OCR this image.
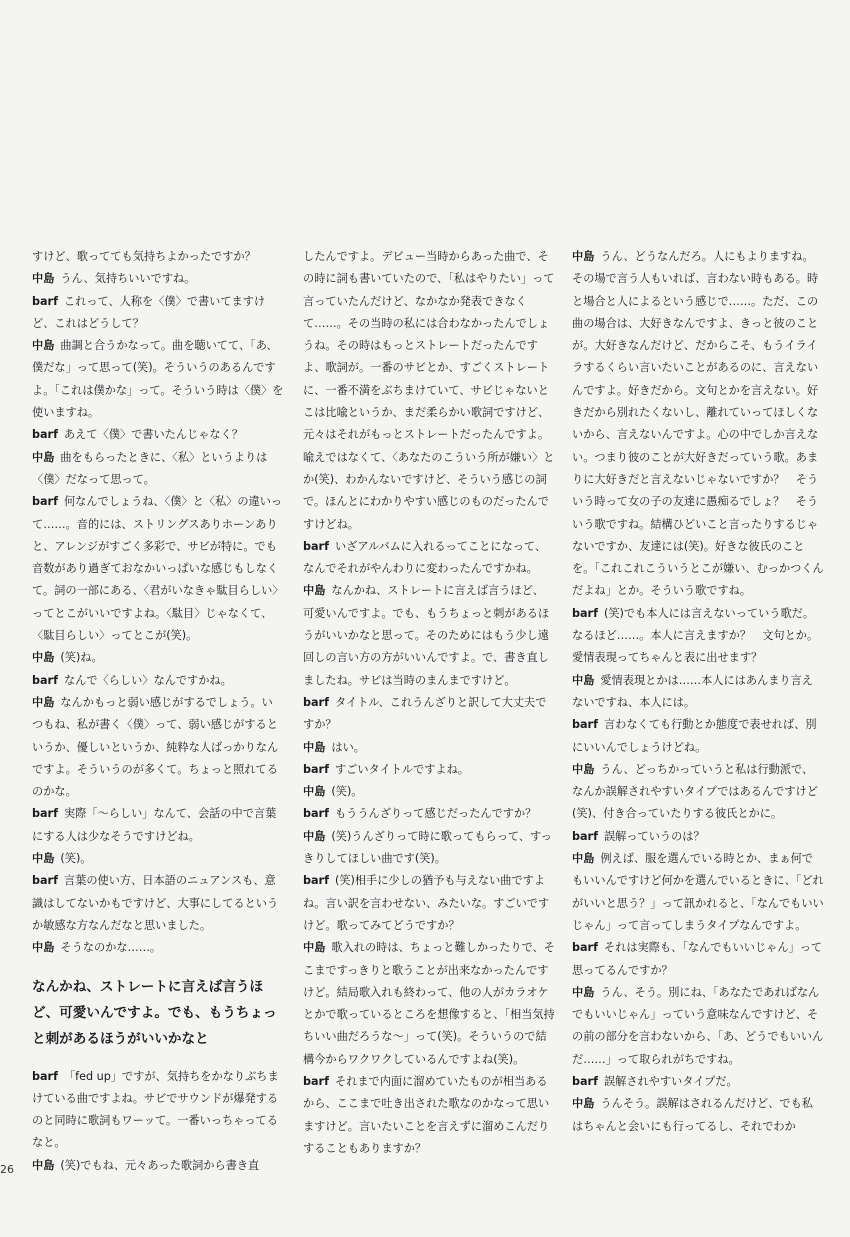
すけど、歌ってても気持ちよかったですか？
中島 うん、気持ちいいですね。
barf これって、人称を〈僕〉で書いてますけど、これはどうして？
中島 曲調と合うかなって。曲を聴いてて、「あ、僕だな」って思って(笑)。そういうのあるんですよ。「これは僕かな」って。そういう時は〈僕〉を使いますね。
barf あえて〈僕〉で書いたんじゃなく？
中島 曲をもらったときに、〈私〉というよりは〈僕〉だなって思って。
barf 何なんでしょうね、〈僕〉と〈私〉の違いって……。音的には、ストリングスありホーンありと、アレンジがすごく多彩で、サビが特に。でも音数があり過ぎておなかいっぱいな感じもしなくて。詞の一部にある、〈君がいなきゃ駄目らしい〉ってとこがいいですよね。〈駄目〉じゃなくて、〈駄目らしい〉ってとこが(笑)。
中島 (笑)ね。
barf なんで〈らしい〉なんですかね。
中島 なんかもっと弱い感じがするでしょう。いつもね、私が書く〈僕〉って、弱い感じがするというか、優しいというか、純粋な人ばっかりなんですよ。そういうのが多くて。ちょっと照れてるのかな。
barf 実際「～らしい」なんて、会話の中で言葉にする人は少なそうですけどね。
中島 (笑)。
barf 言葉の使い方、日本語のニュアンスも、意識はしてないかもですけど、大事にしてるというか敏感な方なんだなと思いました。
中島 そうなのかな……。
なんかね、ストレートに言えば言うほど、可愛いんですよ。でも、もうちょっと刺があるほうがいいかなと
barf 「fed up」ですが、気持ちをかなりぶちまけている曲ですよね。サビでサウンドが爆発するのと同時に歌詞もワーッて。一番いっちゃってるなと。
中島 (笑)でもね、元々あった歌詞から書き直
したんですよ。デビュー当時からあった曲で、その時に詞も書いていたので、「私はやりたい」って言っていたんだけど、なかなか発表できなくて……。その当時の私には合わなかったんでしょうね。その時はもっとストレートだったんですよ、歌詞が。一番のサビとか、すごくストレートに、一番不満をぶちまけていて、サビじゃないとこは比喩というか、まだ柔らかい歌詞ですけど、元々はそれがもっとストレートだったんですよ。喩えではなくて、〈あなたのこういう所が嫌い〉とか(笑)、わかんないですけど、そういう感じの詞で。ほんとにわかりやすい感じのものだったんですけどね。
barf いざアルバムに入れるってことになって、なんでそれがやんわりに変わったんですかね。
中島 なんかね、ストレートに言えば言うほど、可愛いんですよ。でも、もうちょっと刺があるほうがいいかなと思って。そのためにはもう少し遠回しの言い方の方がいいんですよ。で、書き直しましたね。サビは当時のまんまですけど。
barf タイトル、これうんざりと訳して大丈夫ですか？
中島 はい。
barf すごいタイトルですよね。
中島 (笑)。
barf もううんざりって感じだったんですか？
中島 (笑)うんざりって時に歌ってもらって、すっきりしてほしい曲です(笑)。
barf (笑)相手に少しの猶予も与えない曲ですよね。言い訳を言わせない、みたいな。すごいですけど。歌ってみてどうですか？
中島 歌入れの時は、ちょっと難しかったりで、そこまですっきりと歌うことが出来なかったんですけど。結局歌入れも終わって、他の人がカラオケとかで歌っているところを想像すると、「相当気持ちいい曲だろうな～」って(笑)。そういうので結構今からワクワクしているんですよね(笑)。
barf それまで内面に溜めていたものが相当あるから、ここまで吐き出された歌なのかなって思いますけど。言いたいことを言えずに溜めこんだりすることもありますか？
中島 うん、どうなんだろ。人にもよりますね。その場で言う人もいれば、言わない時もある。時と場合と人によるという感じで……。ただ、この曲の場合は、大好きなんですよ、きっと彼のことが。大好きなんだけど、だからこそ、もうイライラするくらい言いたいことがあるのに、言えないんですよ。好きだから。文句とかを言えない。好きだから別れたくないし、離れていってほしくないから、言えないんですよ。心の中でしか言えない。つまり彼のことが大好きだっていう歌。あまりに大好きだと言えないじゃないですか？　そういう時って女の子の友達に愚痴るでしょ？　そういう歌ですね。結構ひどいこと言ったりするじゃないですか、友達には(笑)。好きな彼氏のことを。「これこれこういうとこが嫌い、むっかつくんだよね」とか。そういう歌ですね。
barf (笑)でも本人には言えないっていう歌だ。なるほど……。本人に言えますか？　文句とか。愛情表現ってちゃんと表に出せます？
中島 愛情表現とかは……本人にはあんまり言えないですね、本人には。
barf 言わなくても行動とか態度で表せれば、別にいいんでしょうけどね。
中島 うん、どっちかっていうと私は行動派で、なんか誤解されやすいタイプではあるんですけど(笑)、付き合っていたりする彼氏とかに。
barf 誤解っていうのは？
中島 例えば、服を選んでいる時とか、まぁ何でもいいんですけど何かを選んでいるときに、「どれがいいと思う？」って訊かれると、「なんでもいいじゃん」って言ってしまうタイプなんですよ。
barf それは実際も、「なんでもいいじゃん」って思ってるんですか？
中島 うん、そう。別にね、「あなたであればなんでもいいじゃん」っていう意味なんですけど、その前の部分を言わないから、「あ、どうでもいいんだ……」って取られがちですね。
barf 誤解されやすいタイプだ。
中島 うんそう。誤解はされるんだけど、でも私はちゃんと会いにも行ってるし、それでわか
26
